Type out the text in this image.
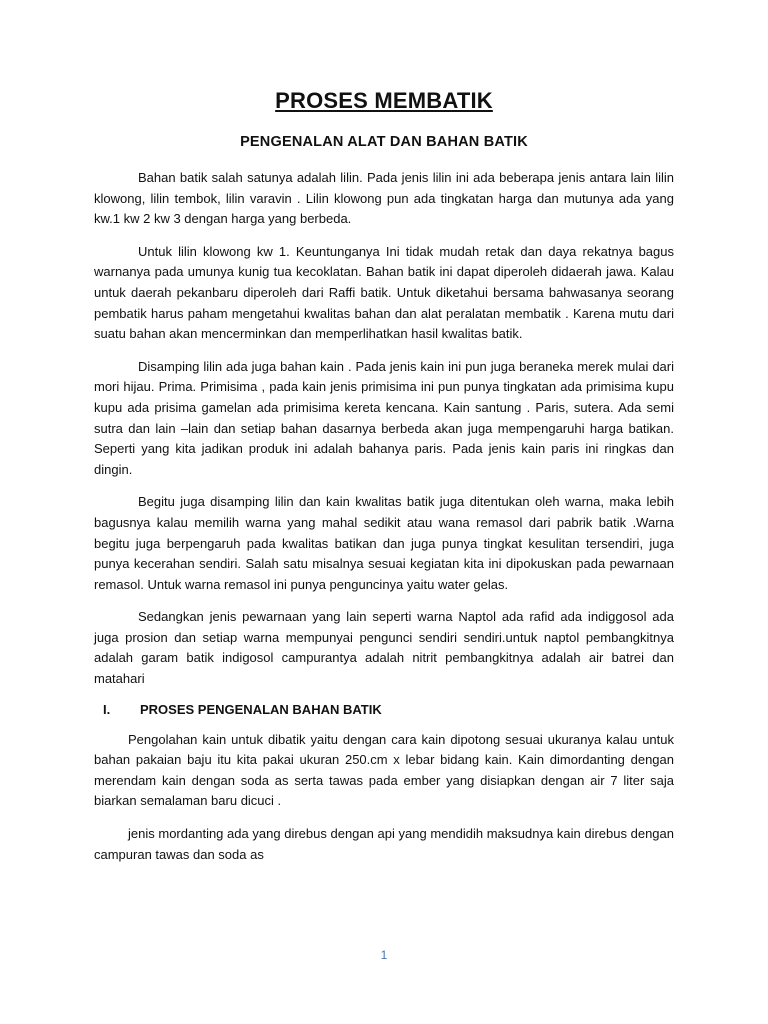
PROSES MEMBATIK
PENGENALAN ALAT DAN BAHAN BATIK

Bahan batik salah satunya adalah lilin. Pada jenis lilin ini ada beberapa jenis antara lain lilin klowong, lilin tembok, lilin varavin . Lilin klowong pun ada tingkatan harga dan mutunya ada yang kw.1 kw 2 kw 3 dengan harga yang berbeda.

Untuk lilin klowong kw 1. Keuntunganya Ini tidak mudah retak dan daya rekatnya bagus warnanya pada umunya kunig tua kecoklatan. Bahan batik ini dapat diperoleh didaerah jawa. Kalau untuk daerah pekanbaru diperoleh dari Raffi batik. Untuk diketahui bersama bahwasanya seorang pembatik harus paham mengetahui kwalitas bahan dan alat peralatan membatik . Karena mutu dari suatu bahan akan mencerminkan dan memperlihatkan hasil kwalitas batik.

Disamping lilin ada juga bahan kain . Pada jenis kain ini pun juga beraneka merek mulai dari mori hijau. Prima. Primisima , pada kain jenis primisima ini pun punya tingkatan ada primisima kupu kupu ada prisima gamelan ada primisima kereta kencana. Kain santung . Paris, sutera. Ada semi sutra dan lain –lain dan setiap bahan dasarnya berbeda akan juga mempengaruhi harga batikan. Seperti yang kita jadikan produk ini adalah bahanya paris. Pada jenis kain paris ini ringkas dan dingin.

Begitu juga disamping lilin dan kain kwalitas batik juga ditentukan oleh warna, maka lebih bagusnya kalau memilih warna yang mahal sedikit atau wana remasol dari pabrik batik .Warna begitu juga berpengaruh pada kwalitas batikan dan juga punya tingkat kesulitan tersendiri, juga punya kecerahan sendiri. Salah satu misalnya sesuai kegiatan kita ini dipokuskan pada pewarnaan remasol. Untuk warna remasol ini punya penguncinya yaitu water gelas.

Sedangkan jenis pewarnaan yang lain seperti warna Naptol ada rafid ada indiggosol ada juga prosion dan setiap warna mempunyai pengunci sendiri sendiri.untuk naptol pembangkitnya adalah garam batik indigosol campurantya adalah nitrit pembangkitnya adalah air batrei dan matahari

I.	PROSES PENGENALAN BAHAN BATIK

Pengolahan kain untuk dibatik yaitu dengan cara kain dipotong sesuai ukuranya kalau untuk bahan pakaian baju itu kita pakai ukuran 250.cm x lebar bidang kain. Kain dimordanting dengan merendam kain dengan soda as serta tawas pada ember yang disiapkan dengan air 7 liter saja biarkan semalaman baru dicuci .

jenis mordanting ada yang direbus dengan api yang mendidih maksudnya kain direbus dengan campuran tawas dan soda as

1
